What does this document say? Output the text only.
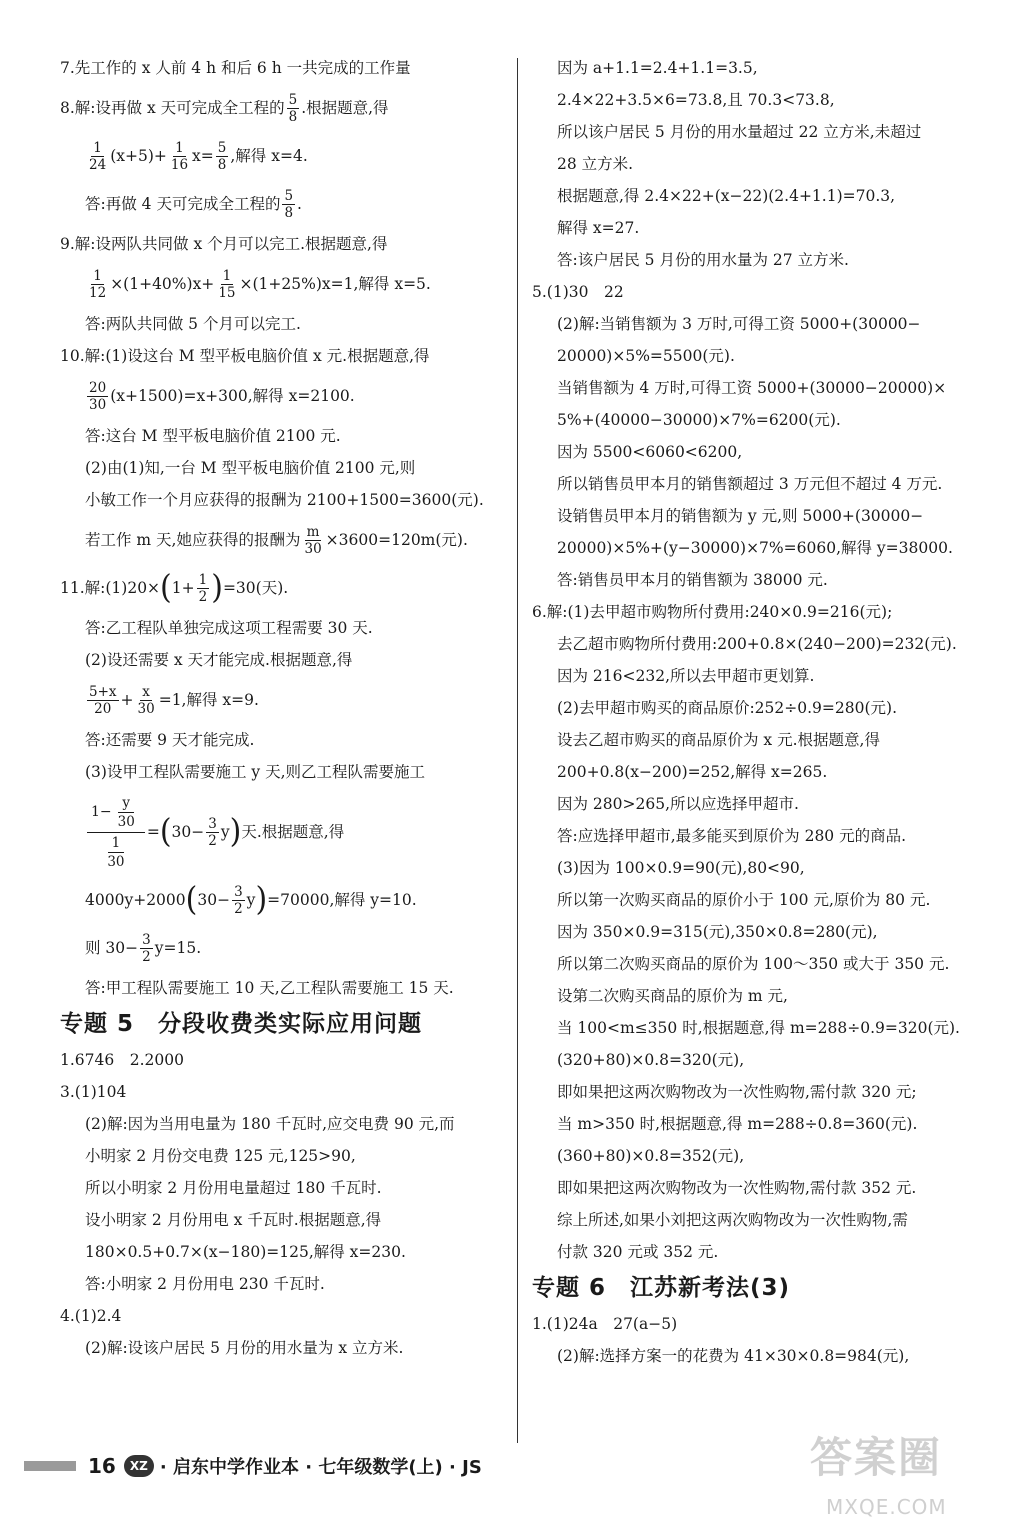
7.先工作的 x 人前 4 h 和后 6 h 一共完成的工作量
8.解:设再做 x 天可完成全工程的 $\frac{5}{8}$ .根据题意,得
$\frac{1}{24} (x+5)+ \frac{1}{16} x= \frac{5}{8}$ ,解得 x=4.
答:再做 4 天可完成全工程的 $\frac{5}{8}$ .
9.解:设两队共同做 x 个月可以完工.根据题意,得
$\frac{1}{12} \times(1+40\%)x+ \frac{1}{15} \times(1+25\%)x=1$,解得 x=5.
答:两队共同做 5 个月可以完工.
10.解:(1)设这台 M 型平板电脑价值 x 元.根据题意,得
$\frac{20}{30} (x+1500)=x+300$,解得 x=2100.
答:这台 M 型平板电脑价值 2100 元.
(2)由(1)知,一台 M 型平板电脑价值 2100 元,则
小敏工作一个月应获得的报酬为 2100+1500=3600(元).
若工作 m 天,她应获得的报酬为 $\frac{m}{30} \times 3600=120m$(元).
11.解:(1)20× ( $1+ \frac{1}{2}$ ) =30(天).
答:乙工程队单独完成这项工程需要 30 天.
(2)设还需要 x 天才能完成.根据题意,得
$\frac{5+x}{20} + \frac{x}{30} =1$,解得 x=9.
答:还需要 9 天才能完成.
(3)设甲工程队需要施工 y 天,则乙工程队需要施工
$\frac{1- \frac{y}{30}}{\frac{1}{30}}$ = ( $30- \frac{3}{2}$ y ) 天.根据题意,得
4000y+2000 ( $30- \frac{3}{2}$ y ) =70000,解得 y=10.
则 $30- \frac{3}{2} y=15$.
答:甲工程队需要施工 10 天,乙工程队需要施工 15 天.
专题 5　分段收费类实际应用问题
1.6746　2.2000
3.(1)104
(2)解:因为当用电量为 180 千瓦时,应交电费 90 元,而
小明家 2 月份交电费 125 元,125>90,
所以小明家 2 月份用电量超过 180 千瓦时.
设小明家 2 月份用电 x 千瓦时.根据题意,得
180×0.5+0.7×(x−180)=125,解得 x=230.
答:小明家 2 月份用电 230 千瓦时.
4.(1)2.4
(2)解:设该户居民 5 月份的用水量为 x 立方米.
因为 a+1.1=2.4+1.1=3.5,
2.4×22+3.5×6=73.8,且 70.3<73.8,
所以该户居民 5 月份的用水量超过 22 立方米,未超过
28 立方米.
根据题意,得 2.4×22+(x−22)(2.4+1.1)=70.3,
解得 x=27.
答:该户居民 5 月份的用水量为 27 立方米.
5.(1)30　22
(2)解:当销售额为 3 万时,可得工资 5000+(30000−
20000)×5%=5500(元).
当销售额为 4 万时,可得工资 5000+(30000−20000)×
5%+(40000−30000)×7%=6200(元).
因为 5500<6060<6200,
所以销售员甲本月的销售额超过 3 万元但不超过 4 万元.
设销售员甲本月的销售额为 y 元,则 5000+(30000−
20000)×5%+(y−30000)×7%=6060,解得 y=38000.
答:销售员甲本月的销售额为 38000 元.
6.解:(1)去甲超市购物所付费用:240×0.9=216(元);
去乙超市购物所付费用:200+0.8×(240−200)=232(元).
因为 216<232,所以去甲超市更划算.
(2)去甲超市购买的商品原价:252÷0.9=280(元).
设去乙超市购买的商品原价为 x 元.根据题意,得
200+0.8(x−200)=252,解得 x=265.
因为 280>265,所以应选择甲超市.
答:应选择甲超市,最多能买到原价为 280 元的商品.
(3)因为 100×0.9=90(元),80<90,
所以第一次购买商品的原价小于 100 元,原价为 80 元.
因为 350×0.9=315(元),350×0.8=280(元),
所以第二次购买商品的原价为 100～350 或大于 350 元.
设第二次购买商品的原价为 m 元,
当 100<m≤350 时,根据题意,得 m=288÷0.9=320(元).
(320+80)×0.8=320(元),
即如果把这两次购物改为一次性购物,需付款 320 元;
当 m>350 时,根据题意,得 m=288÷0.8=360(元).
(360+80)×0.8=352(元),
即如果把这两次购物改为一次性购物,需付款 352 元.
综上所述,如果小刘把这两次购物改为一次性购物,需
付款 320 元或 352 元.
专题 6　江苏新考法(3)
1.(1)24a　27(a−5)
(2)解:选择方案一的花费为 41×30×0.8=984(元),
16	XZ · 启东中学作业本 · 七年级数学(上) · JS	答案圈
MXQE.COM
